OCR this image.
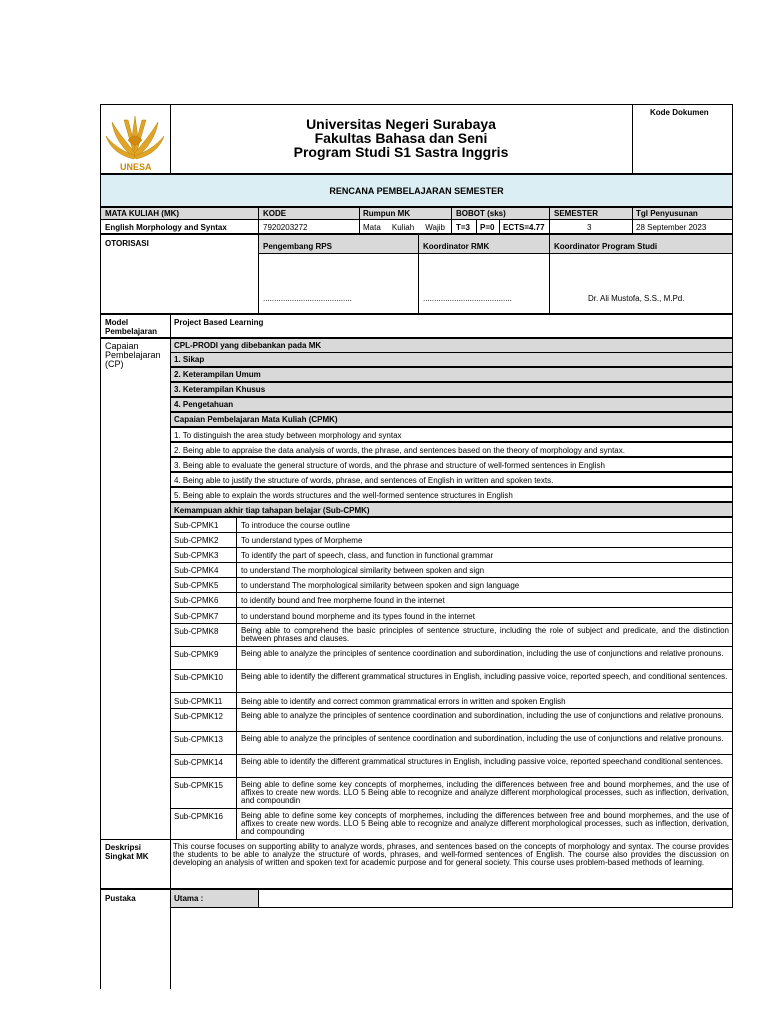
UNESA
Universitas Negeri Surabaya
Fakultas Bahasa dan Seni
Program Studi S1 Sastra Inggris
Kode Dokumen
RENCANA PEMBELAJARAN SEMESTER
MATA KULIAH (MK)	KODE	Rumpun MK	BOBOT (sks)	SEMESTER	Tgl Penyusunan
English Morphology and Syntax	7920203272	Mata Kuliah Wajib T=3 P=0 ECTS=4.77	3	28 September 2023
OTORISASI	Pengembang RPS	Koordinator RMK	Koordinator Program Studi
........................................	........................................	Dr. Ali Mustofa, S.S., M.Pd.
Model Pembelajaran
Project Based Learning
Capaian Pembelajaran (CP)
CPL-PRODI yang dibebankan pada MK
1. Sikap
2. Keterampilan Umum
3. Keterampilan Khusus
4. Pengetahuan
Capaian Pembelajaran Mata Kuliah (CPMK)
1. To distinguish the area study between morphology and syntax
2. Being able to appraise the data analysis of words, the phrase, and sentences based on the theory of morphology and syntax.
3. Being able to evaluate the general structure of words, and the phrase and structure of well-formed sentences in English
4. Being able to justify the structure of words, phrase, and sentences of English in written and spoken texts.
5. Being able to explain the words structures and the well-formed sentence structures in English
Kemampuan akhir tiap tahapan belajar (Sub-CPMK)
Sub-CPMK1	To introduce the course outline
Sub-CPMK2	To understand types of Morpheme
Sub-CPMK3	To identify the part of speech, class, and function in functional grammar
Sub-CPMK4	to understand The morphological similarity between spoken and sign
Sub-CPMK5	to understand The morphological similarity between spoken and sign language
Sub-CPMK6	to identify bound and free morpheme found in the internet
Sub-CPMK7	to understand bound morpheme and its types found in the internet
Sub-CPMK8	Being able to comprehend the basic principles of sentence structure, including the role of subject and predicate, and the distinction between phrases and clauses.
Sub-CPMK9	Being able to analyze the principles of sentence coordination and subordination, including the use of conjunctions and relative pronouns.
Sub-CPMK10 Being able to identify the different grammatical structures in English, including passive voice, reported speech, and conditional sentences.
Sub-CPMK11 Being able to identify and correct common grammatical errors in written and spoken English
Sub-CPMK12 Being able to analyze the principles of sentence coordination and subordination, including the use of conjunctions and relative pronouns.
Sub-CPMK13 Being able to analyze the principles of sentence coordination and subordination, including the use of conjunctions and relative pronouns.
Sub-CPMK14 Being able to identify the different grammatical structures in English, including passive voice, reported speechand conditional sentences.
Sub-CPMK15 Being able to define some key concepts of morphemes, including the differences between free and bound morphemes, and the use of affixes to create new words. LLO 5 Being able to recognize and analyze different morphological processes, such as inflection, derivation, and compoundin
Sub-CPMK16 Being able to define some key concepts of morphemes, including the differences between free and bound morphemes, and the use of affixes to create new words. LLO 5 Being able to recognize and analyze different morphological processes, such as inflection, derivation, and compounding
Deskripsi Singkat MK
This course focuses on supporting ability to analyze words, phrases, and sentences based on the concepts of morphology and syntax. The course provides the students to be able to analyze the structure of words, phrases, and well-formed sentences of English. The course also provides the discussion on developing an analysis of written and spoken text for academic purpose and for general society. This course uses problem-based methods of learning.
Pustaka	Utama :
